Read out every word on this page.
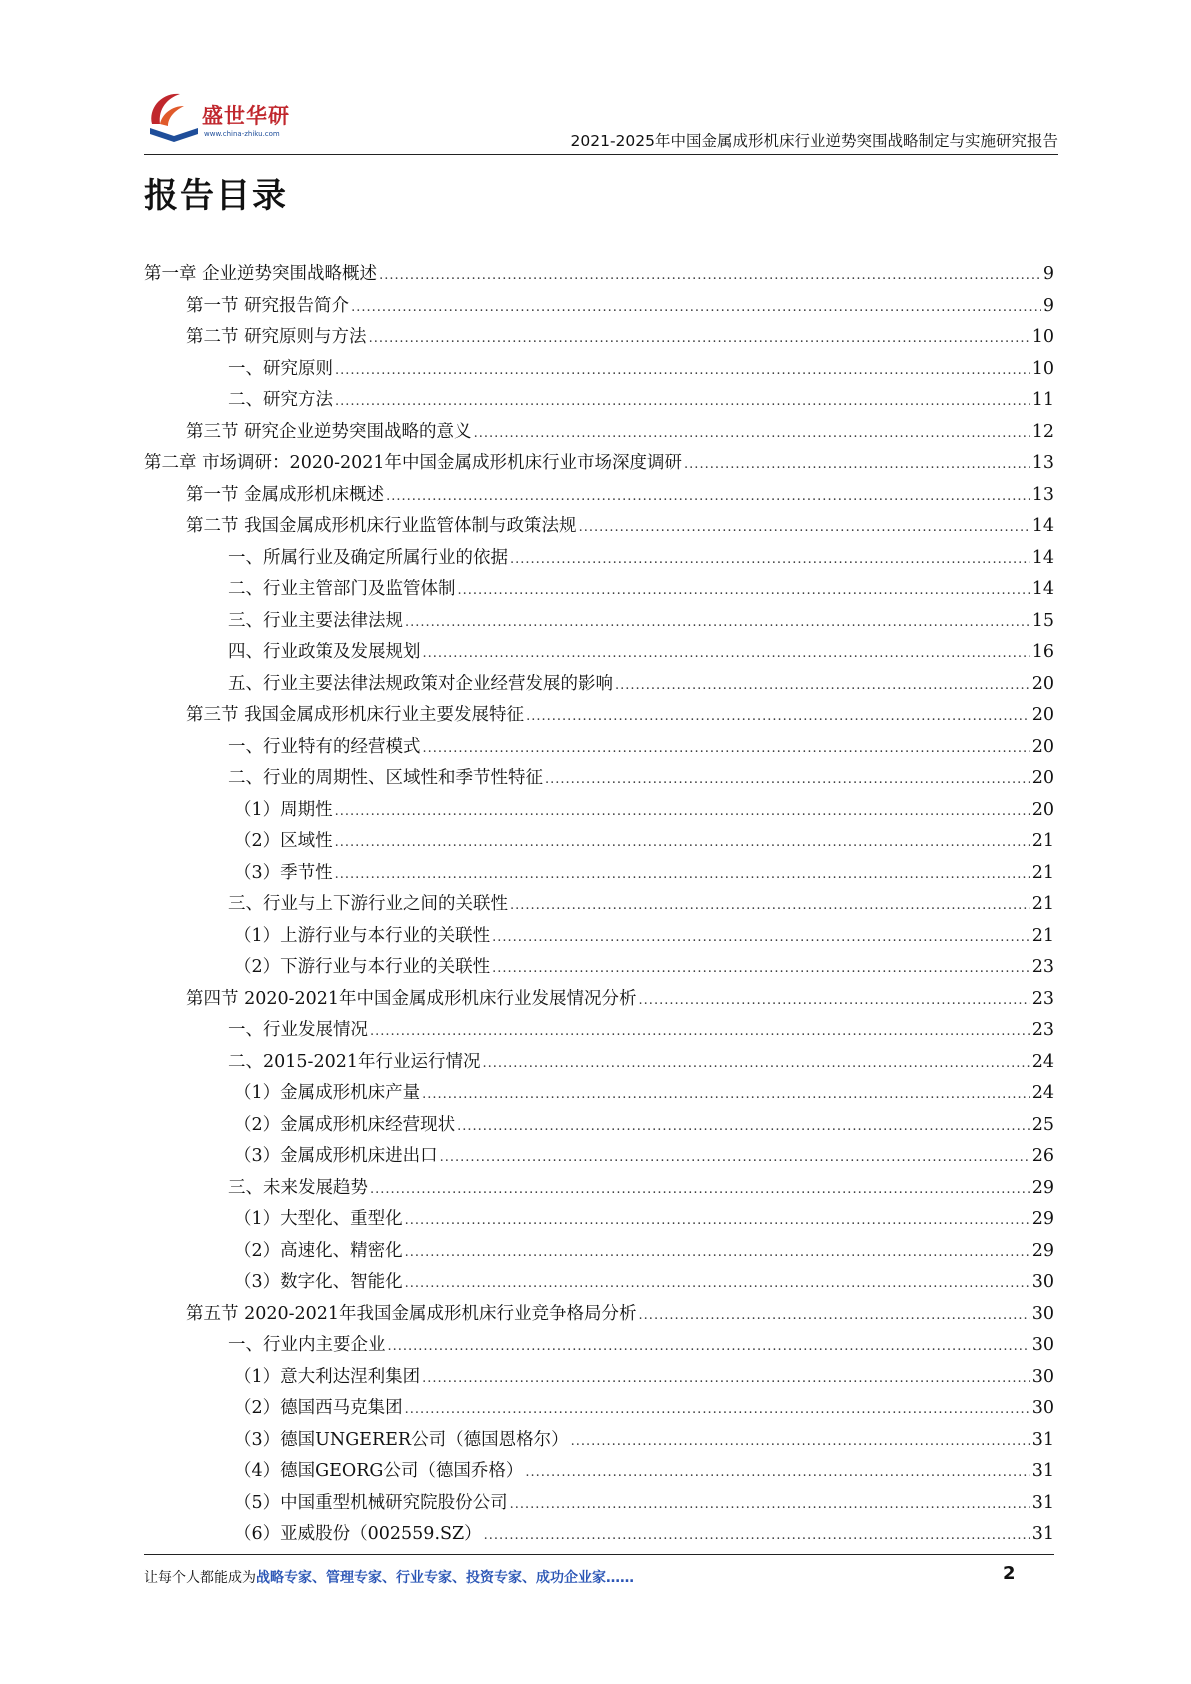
盛世华研
www.china-zhiku.com	2021-2025年中国金属成形机床行业逆势突围战略制定与实施研究报告
报告目录
第一章 企业逆势突围战略概述 .....	9
第一节 研究报告简介 .....	9
第二节 研究原则与方法 .....	10
一、研究原则 .....	10
二、研究方法 .....	11
第三节 研究企业逆势突围战略的意义 .....	12
第二章 市场调研：2020-2021年中国金属成形机床行业市场深度调研 .....	13
第一节 金属成形机床概述 .....	13
第二节 我国金属成形机床行业监管体制与政策法规 .....	14
一、所属行业及确定所属行业的依据 .....	14
二、行业主管部门及监管体制 .....	14
三、行业主要法律法规 .....	15
四、行业政策及发展规划 .....	16
五、行业主要法律法规政策对企业经营发展的影响 .....	20
第三节 我国金属成形机床行业主要发展特征 .....	20
一、行业特有的经营模式 .....	20
二、行业的周期性、区域性和季节性特征 .....	20
（1）周期性 .....	20
（2）区域性 .....	21
（3）季节性 .....	21
三、行业与上下游行业之间的关联性 .....	21
（1）上游行业与本行业的关联性 .....	21
（2）下游行业与本行业的关联性 .....	23
第四节 2020-2021年中国金属成形机床行业发展情况分析 .....	23
一、行业发展情况 .....	23
二、2015-2021年行业运行情况 .....	24
（1）金属成形机床产量 .....	24
（2）金属成形机床经营现状 .....	25
（3）金属成形机床进出口 .....	26
三、未来发展趋势 .....	29
（1）大型化、重型化 .....	29
（2）高速化、精密化 .....	29
（3）数字化、智能化 .....	30
第五节 2020-2021年我国金属成形机床行业竞争格局分析 .....	30
一、行业内主要企业 .....	30
（1）意大利达涅利集团 .....	30
（2）德国西马克集团 .....	30
（3）德国UNGERER公司（德国恩格尔） .....	31
（4）德国GEORG公司（德国乔格） .....	31
（5）中国重型机械研究院股份公司 .....	31
（6）亚威股份（002559.SZ） .....	31
让每个人都能成为战略专家、管理专家、行业专家、投资专家、成功企业家……	2
